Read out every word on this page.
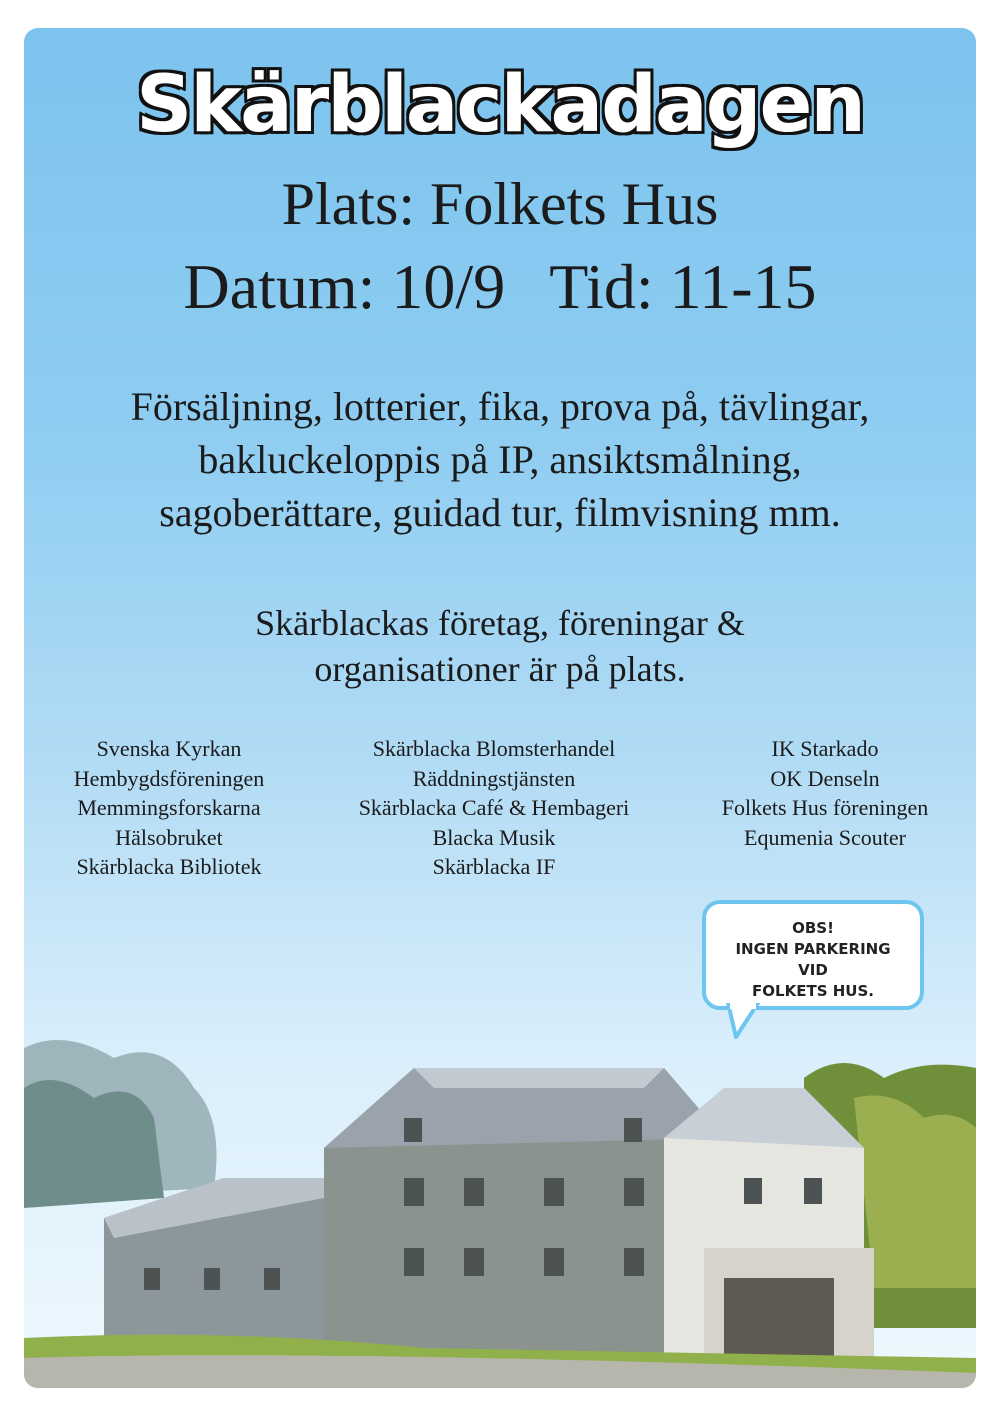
Skärblackadagen
Plats: Folkets Hus
Datum: 10/9 Tid: 11-15
Försäljning, lotterier, fika, prova på, tävlingar,
bakluckeloppis på IP, ansiktsmålning,
sagoberättare, guidad tur, filmvisning mm.
Skärblackas företag, föreningar &
organisationer är på plats.
Svenska Kyrkan
Hembygdsföreningen
Memmingsforskarna
Hälsobruket
Skärblacka Bibliotek
Skärblacka Blomsterhandel
Räddningstjänsten
Skärblacka Café & Hembageri
Blacka Musik
Skärblacka IF
IK Starkado
OK Denseln
Folkets Hus föreningen
Equmenia Scouter
OBS!
INGEN PARKERING
VID
FOLKETS HUS.
